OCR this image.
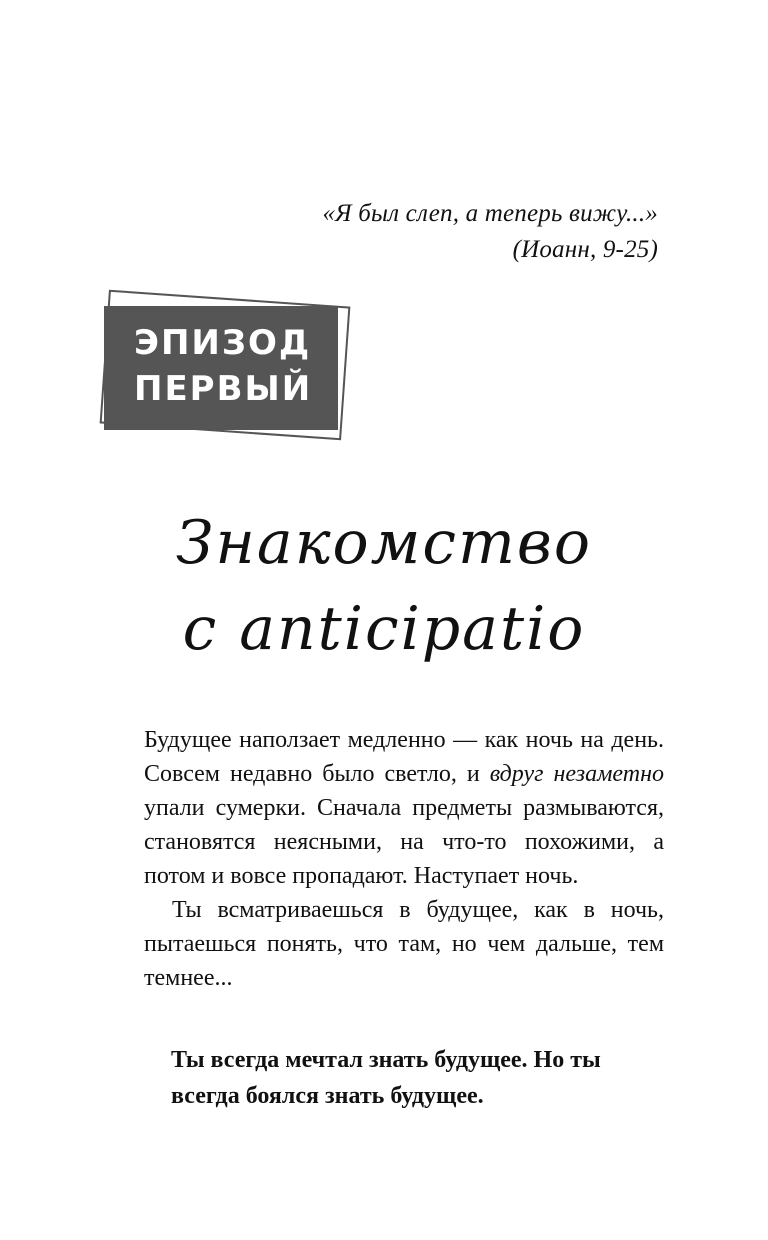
«Я был слеп, а теперь вижу...»
(Иоанн, 9-25)
ЭПИЗОД
ПЕРВЫЙ
Знакомство
с anticipatio

Будущее наползает медленно — как ночь на день. Совсем недавно было светло, и вдруг незаметно упали сумерки. Сначала предметы размываются, становятся неясными, на что-то похожими, а потом и вовсе пропадают. Наступает ночь.

Ты всматриваешься в будущее, как в ночь, пытаешься понять, что там, но чем дальше, тем темнее...

Ты всегда мечтал знать будущее. Но ты всегда боялся знать будущее.
